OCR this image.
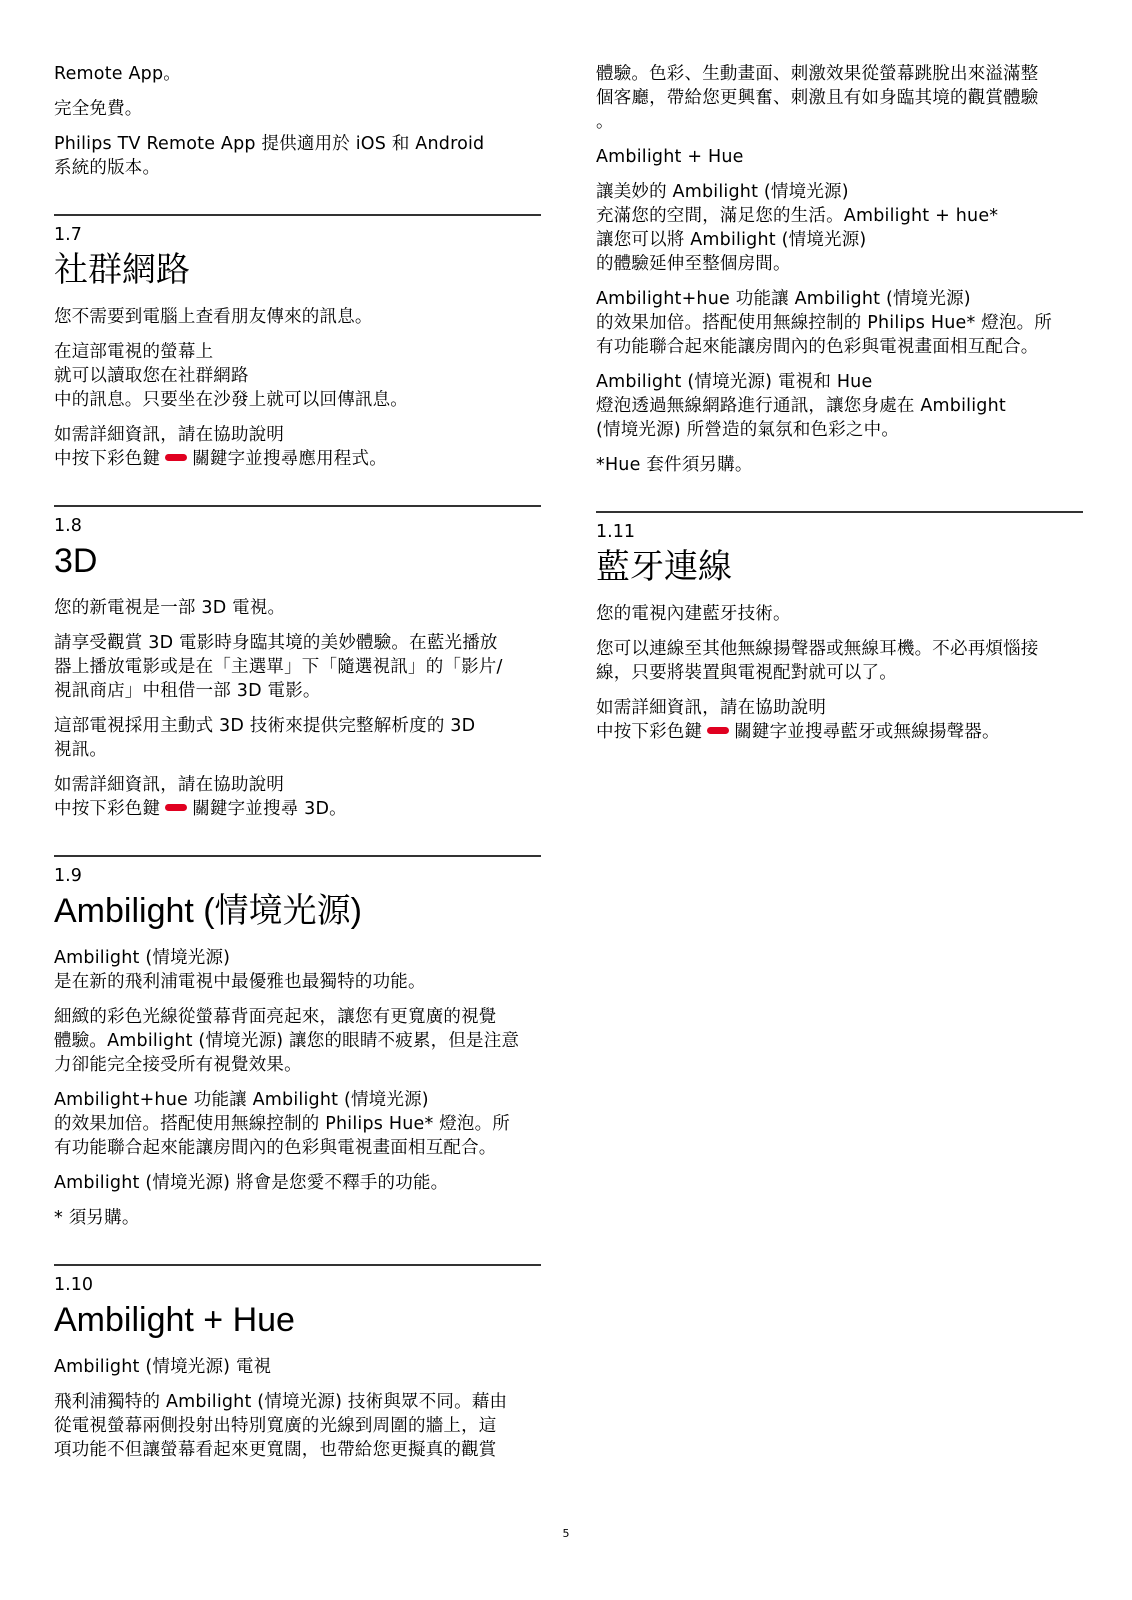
Remote App。

完全免費。

Philips TV Remote App 提供適用於 iOS 和 Android
系統的版本。

1.7
社群網路

您不需要到電腦上查看朋友傳來的訊息。

在這部電視的螢幕上
就可以讀取您在社群網路
中的訊息。只要坐在沙發上就可以回傳訊息。

如需詳細資訊，請在協助說明
中按下彩色鍵 關鍵字並搜尋應用程式。

1.8
3D

您的新電視是一部 3D 電視。

請享受觀賞 3D 電影時身臨其境的美妙體驗。在藍光播放
器上播放電影或是在「主選單」下「隨選視訊」的「影片/
視訊商店」中租借一部 3D 電影。

這部電視採用主動式 3D 技術來提供完整解析度的 3D
視訊。

如需詳細資訊，請在協助說明
中按下彩色鍵 關鍵字並搜尋 3D。

1.9
Ambilight (情境光源)

Ambilight (情境光源)
是在新的飛利浦電視中最優雅也最獨特的功能。

細緻的彩色光線從螢幕背面亮起來，讓您有更寬廣的視覺
體驗。Ambilight (情境光源) 讓您的眼睛不疲累，但是注意
力卻能完全接受所有視覺效果。

Ambilight+hue 功能讓 Ambilight (情境光源)
的效果加倍。搭配使用無線控制的 Philips Hue* 燈泡。所
有功能聯合起來能讓房間內的色彩與電視畫面相互配合。

Ambilight (情境光源) 將會是您愛不釋手的功能。

* 須另購。

1.10
Ambilight + Hue

Ambilight (情境光源) 電視

飛利浦獨特的 Ambilight (情境光源) 技術與眾不同。藉由
從電視螢幕兩側投射出特別寬廣的光線到周圍的牆上，這
項功能不但讓螢幕看起來更寬闊，也帶給您更擬真的觀賞

體驗。色彩、生動畫面、刺激效果從螢幕跳脫出來溢滿整
個客廳，帶給您更興奮、刺激且有如身臨其境的觀賞體驗
。

Ambilight + Hue

讓美妙的 Ambilight (情境光源)
充滿您的空間，滿足您的生活。Ambilight + hue*
讓您可以將 Ambilight (情境光源)
的體驗延伸至整個房間。

Ambilight+hue 功能讓 Ambilight (情境光源)
的效果加倍。搭配使用無線控制的 Philips Hue* 燈泡。所
有功能聯合起來能讓房間內的色彩與電視畫面相互配合。

Ambilight (情境光源) 電視和 Hue
燈泡透過無線網路進行通訊，讓您身處在 Ambilight
(情境光源) 所營造的氣氛和色彩之中。

*Hue 套件須另購。

1.11
藍牙連線

您的電視內建藍牙技術。

您可以連線至其他無線揚聲器或無線耳機。不必再煩惱接
線，只要將裝置與電視配對就可以了。

如需詳細資訊，請在協助說明
中按下彩色鍵 關鍵字並搜尋藍牙或無線揚聲器。

5
